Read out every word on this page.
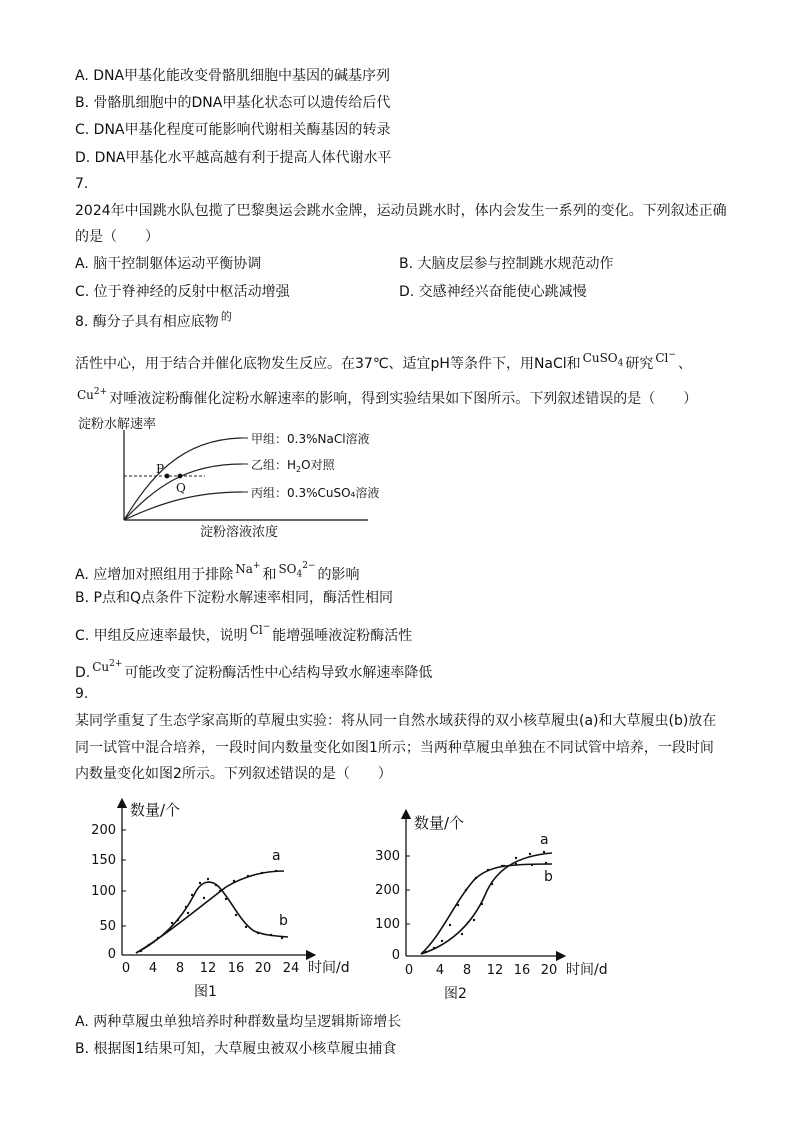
A. DNA甲基化能改变骨骼肌细胞中基因的碱基序列
B. 骨骼肌细胞中的DNA甲基化状态可以遗传给后代
C. DNA甲基化程度可能影响代谢相关酶基因的转录
D. DNA甲基化水平越高越有利于提高人体代谢水平
7.
2024年中国跳水队包揽了巴黎奥运会跳水金牌，运动员跳水时，体内会发生一系列的变化。下列叙述正确
的是（　　）
A. 脑干控制躯体运动平衡协调	B. 大脑皮层参与控制跳水规范动作
C. 位于脊神经的反射中枢活动增强	D. 交感神经兴奋能使心跳减慢
8. 酶分子具有相应底物 $^的$
活性中心，用于结合并催化底物发生反应。在37℃、适宜pH等条件下，用NaCl和 CuSO$_4$ 研究 Cl−、
$Cu^{2+}$ 对唾液淀粉酶催化淀粉水解速率的影响，得到实验结果如下图所示。下列叙述错误的是（　　）
淀粉水解速率
P
Q
甲组：0.3%NaCl溶液
乙组：$H_2O$对照
丙组：0.3%CuSO₄溶液
淀粉溶液浓度
A. 应增加对照组用于排除 Na+和 $SO_4^{2-}$的影响
B. P点和Q点条件下淀粉水解速率相同，酶活性相同
C. 甲组反应速率最快，说明 Cl−能增强唾液淀粉酶活性
D. $Cu^{2+}$可能改变了淀粉酶活性中心结构导致水解速率降低
9.
某同学重复了生态学家高斯的草履虫实验：将从同一自然水域获得的双小核草履虫(a)和大草履虫(b)放在
同一试管中混合培养，一段时间内数量变化如图1所示；当两种草履虫单独在不同试管中培养，一段时间
内数量变化如图2所示。下列叙述错误的是（　　）
数量/个
时间/d
200
150
100
50
0
0 4 8 12 16 20 24
a
b
图1
数量/个
时间/d
300
200
100
0
0 4 8 12 16 20
a
b
图2
A. 两种草履虫单独培养时种群数量均呈逻辑斯谛增长
B. 根据图1结果可知，大草履虫被双小核草履虫捕食
